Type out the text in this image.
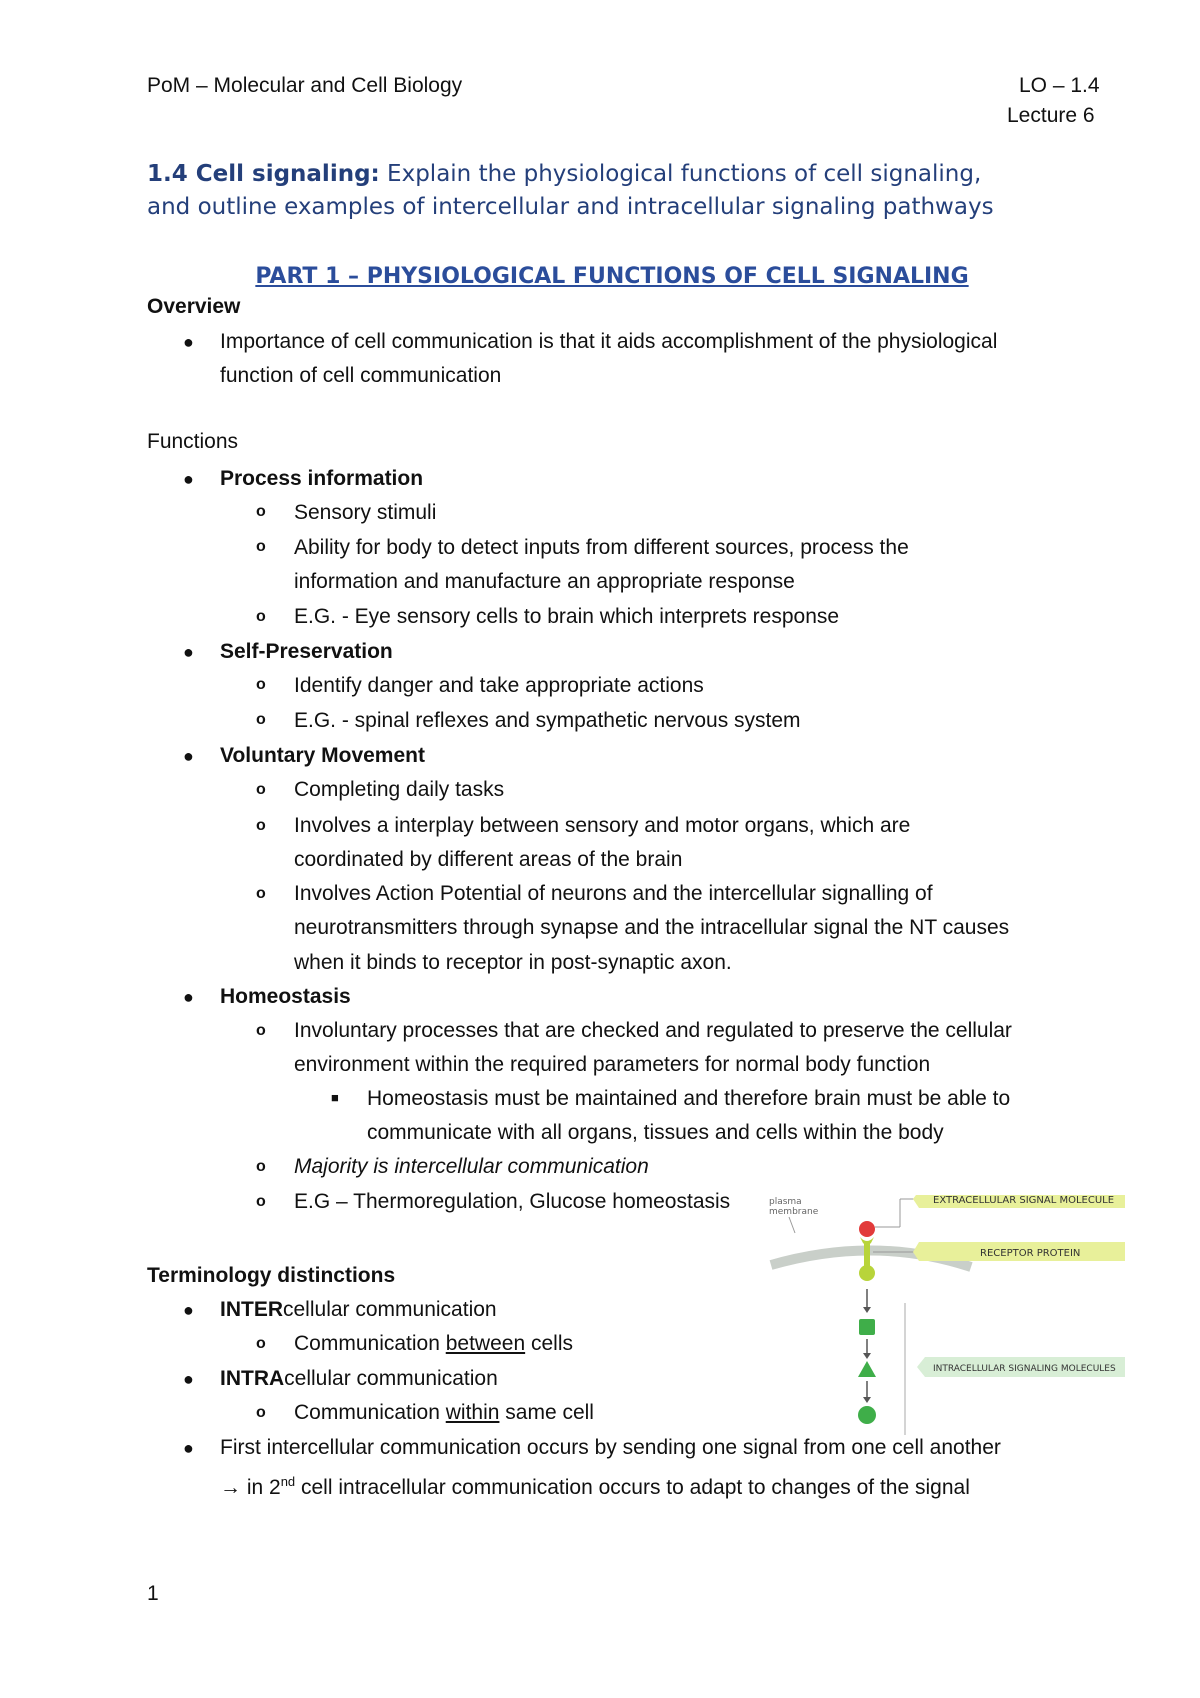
PoM – Molecular and Cell Biology	LO – 1.4
Lecture 6
1.4 Cell signaling: Explain the physiological functions of cell signaling,
and outline examples of intercellular and intracellular signaling pathways
PART 1 – PHYSIOLOGICAL FUNCTIONS OF CELL SIGNALING
Overview
● Importance of cell communication is that it aids accomplishment of the physiological
function of cell communication
Functions
● Process information
o Sensory stimuli
o Ability for body to detect inputs from different sources, process the
information and manufacture an appropriate response
o E.G. - Eye sensory cells to brain which interprets response
● Self-Preservation
o Identify danger and take appropriate actions
o E.G. - spinal reflexes and sympathetic nervous system
● Voluntary Movement
o Completing daily tasks
o Involves a interplay between sensory and motor organs, which are
coordinated by different areas of the brain
o Involves Action Potential of neurons and the intercellular signalling of
neurotransmitters through synapse and the intracellular signal the NT causes
when it binds to receptor in post-synaptic axon.
● Homeostasis
o Involuntary processes that are checked and regulated to preserve the cellular
environment within the required parameters for normal body function
■ Homeostasis must be maintained and therefore brain must be able to
communicate with all organs, tissues and cells within the body
o Majority is intercellular communication
o E.G – Thermoregulation, Glucose homeostasis
Terminology distinctions
● INTERcellular communication
o Communication between cells
● INTRAcellular communication
o Communication within same cell
● First intercellular communication occurs by sending one signal from one cell another
→ in 2nd cell intracellular communication occurs to adapt to changes of the signal
plasma
membrane
EXTRACELLULAR SIGNAL MOLECULE
RECEPTOR PROTEIN
INTRACELLULAR SIGNALING MOLECULES
1
